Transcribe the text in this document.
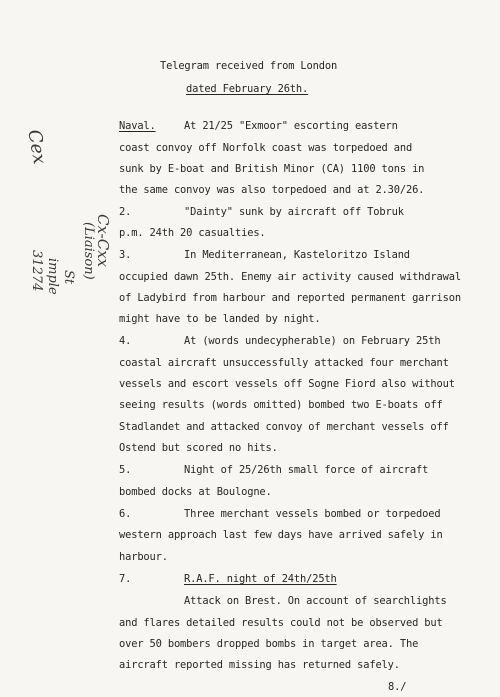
Telegram received from London
dated February 26th.
Cex
Cx-Cxx
(Liaison)
St
imple
31274
Naval.	At 21/25 "Exmoor" escorting eastern
coast convoy off Norfolk coast was torpedoed and
sunk by E-boat and British Minor (CA) 1100 tons in
the same convoy was also torpedoed and at 2.30/26.
2.	"Dainty" sunk by aircraft off Tobruk
p.m. 24th 20 casualties.
3.	In Mediterranean, Kasteloritzo Island
occupied dawn 25th. Enemy air activity caused withdrawal
of Ladybird from harbour and reported permanent garrison
might have to be landed by night.
4.	At (words undecypherable) on February 25th
coastal aircraft unsuccessfully attacked four merchant
vessels and escort vessels off Sogne Fiord also without
seeing results (words omitted) bombed two E-boats off
Stadlandet and attacked convoy of merchant vessels off
Ostend but scored no hits.
5.	Night of 25/26th small force of aircraft
bombed docks at Boulogne.
6.	Three merchant vessels bombed or torpedoed
western approach last few days have arrived safely in
harbour.
7.	R.A.F. night of 24th/25th
Attack on Brest. On account of searchlights
and flares detailed results could not be observed but
over 50 bombers dropped bombs in target area. The
aircraft reported missing has returned safely.
8./
